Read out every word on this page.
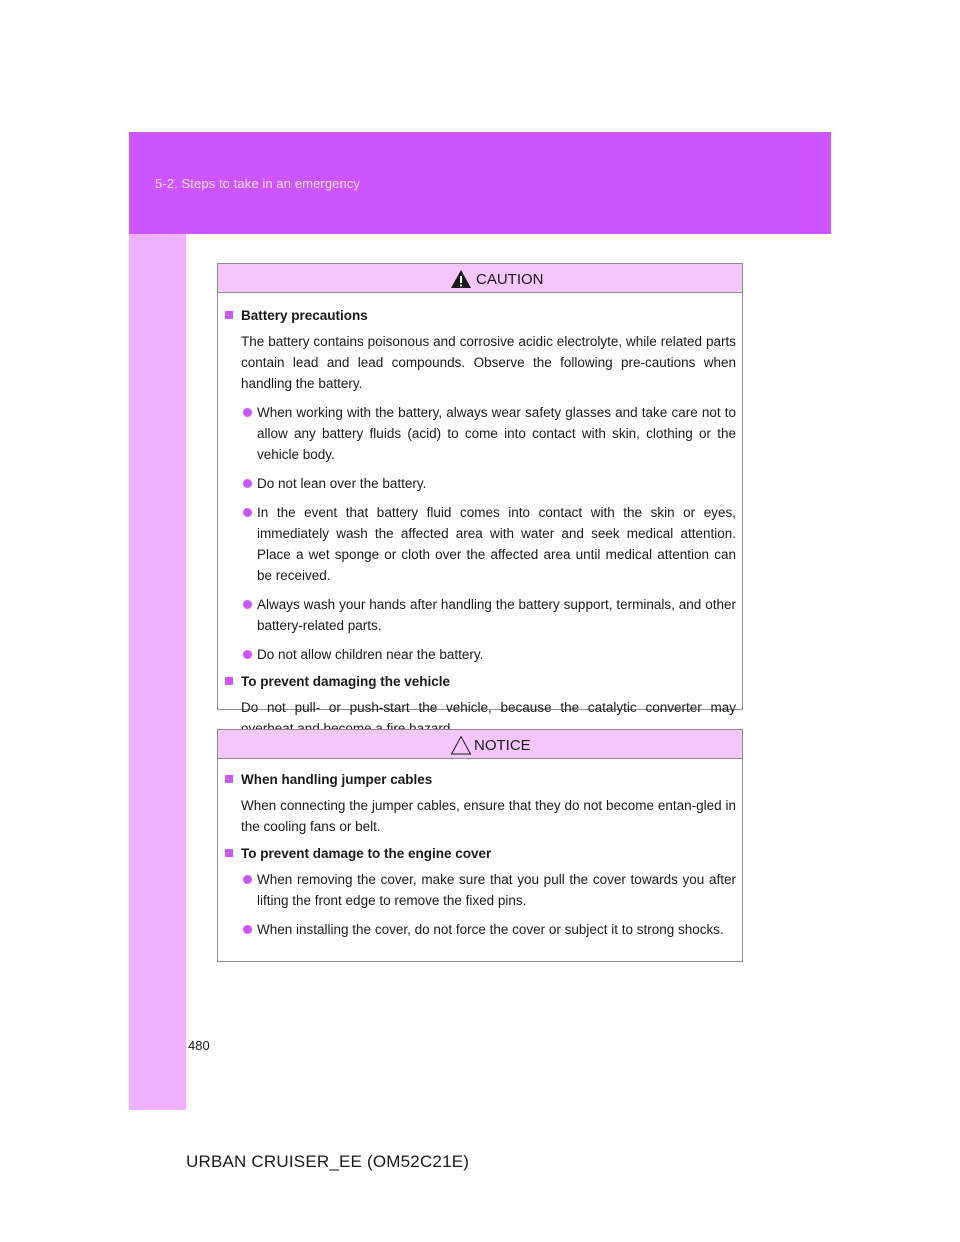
5-2. Steps to take in an emergency
CAUTION

Battery precautions

The battery contains poisonous and corrosive acidic electrolyte, while related parts contain lead and lead compounds. Observe the following pre-cautions when handling the battery.

When working with the battery, always wear safety glasses and take care not to allow any battery fluids (acid) to come into contact with skin, clothing or the vehicle body.

Do not lean over the battery.

In the event that battery fluid comes into contact with the skin or eyes, immediately wash the affected area with water and seek medical attention. Place a wet sponge or cloth over the affected area until medical attention can be received.

Always wash your hands after handling the battery support, terminals, and other battery-related parts.

Do not allow children near the battery.

To prevent damaging the vehicle

Do not pull- or push-start the vehicle, because the catalytic converter may

NOTICE

When handling jumper cables

When connecting the jumper cables, ensure that they do not become entan-gled in the cooling fans or belt.

To prevent damage to the engine cover

When removing the cover, make sure that you pull the cover towards you after lifting the front edge to remove the fixed pins.

When installing the cover, do not force the cover or subject it to strong shocks.

480
URBAN CRUISER_EE (OM52C21E)
